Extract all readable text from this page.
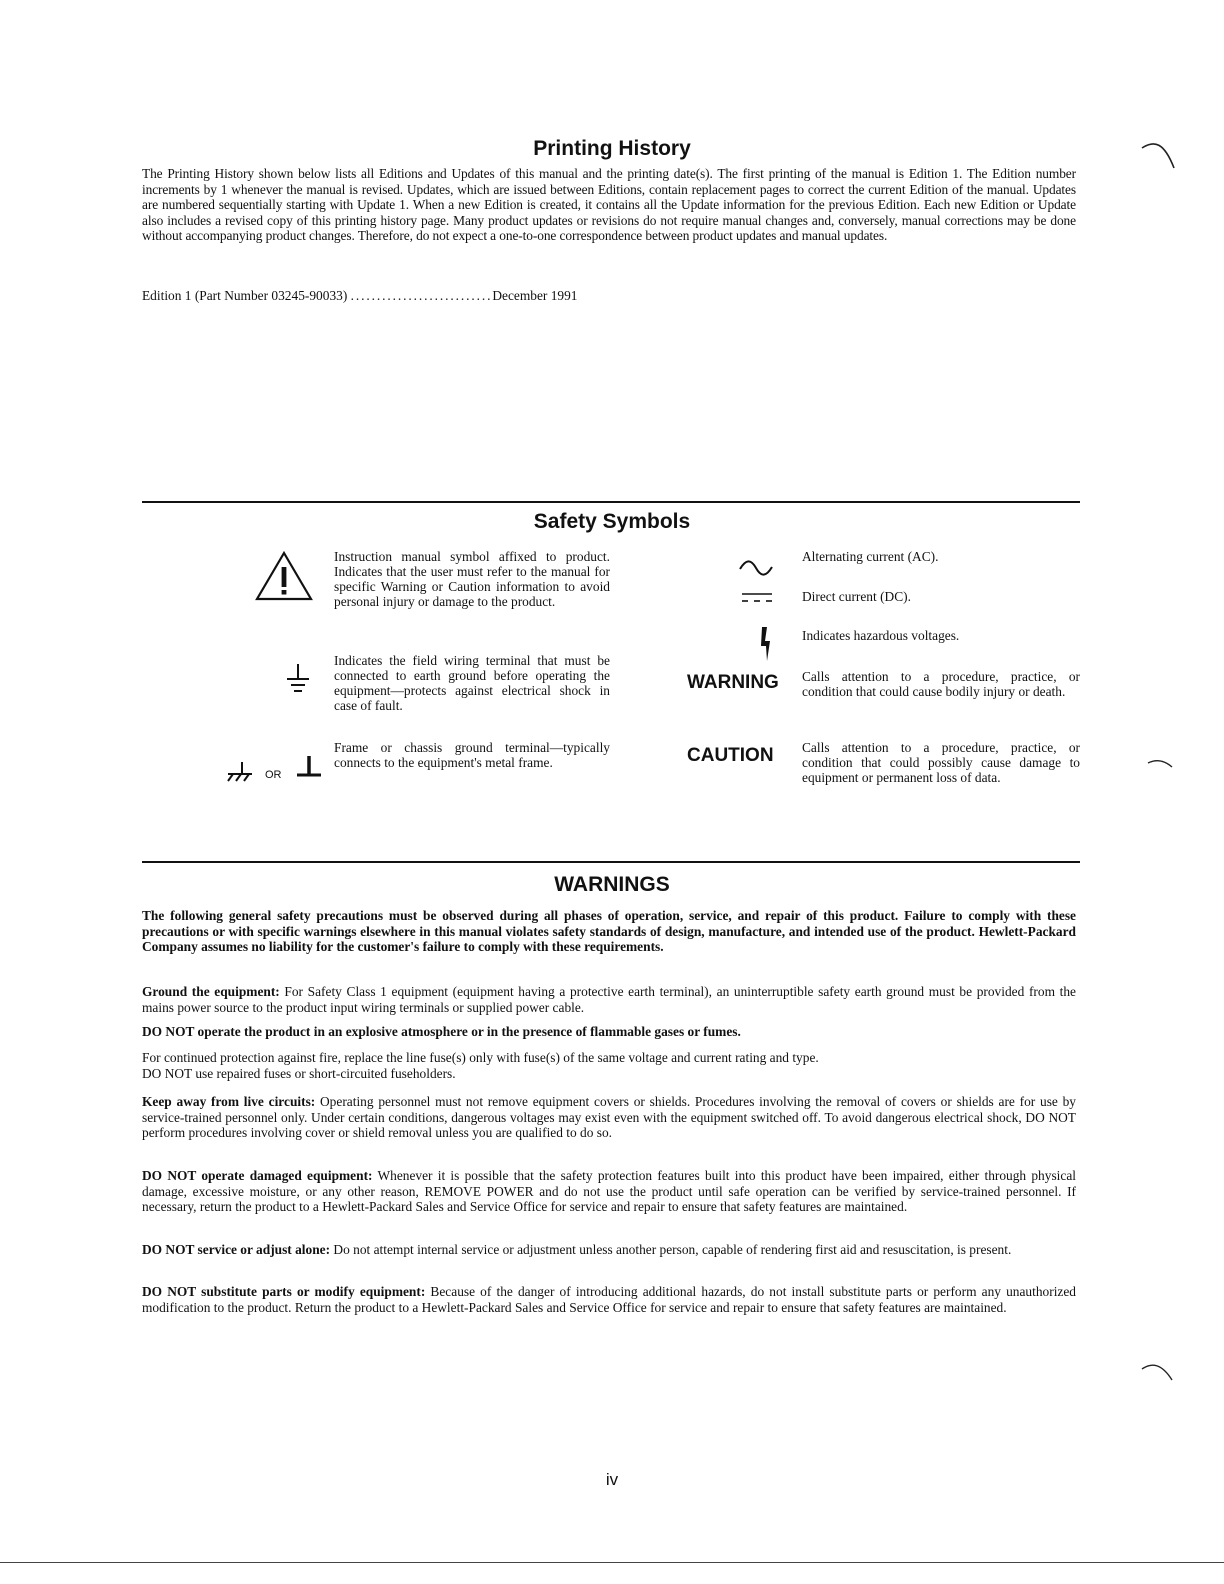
Printing History

The Printing History shown below lists all Editions and Updates of this manual and the printing date(s). The first printing of the manual is Edition 1. The Edition number increments by 1 whenever the manual is revised. Updates, which are issued between Editions, contain replacement pages to correct the current Edition of the manual. Updates are numbered sequentially starting with Update 1. When a new Edition is created, it contains all the Update information for the previous Edition. Each new Edition or Update also includes a revised copy of this printing history page. Many product updates or revisions do not require manual changes and, conversely, manual corrections may be done without accompanying product changes. Therefore, do not expect a one-to-one correspondence between product updates and manual updates.

Edition 1 (Part Number 03245-90033) ...........................December 1991
Safety Symbols

Instruction manual symbol affixed to product. Indicates that the user must refer to the manual for specific Warning or Caution information to avoid personal injury or damage to the product.

Indicates the field wiring terminal that must be connected to earth ground before operating the equipment—protects against electrical shock in case of fault.

OR

Frame or chassis ground terminal—typically connects to the equipment's metal frame.

Alternating current (AC).
Direct current (DC).
Indicates hazardous voltages.
WARNING Calls attention to a procedure, practice, or condition that could cause bodily injury or death.

CAUTION Calls attention to a procedure, practice, or condition that could possibly cause damage to equipment or permanent loss of data.

WARNINGS

The following general safety precautions must be observed during all phases of operation, service, and repair of this product. Failure to comply with these precautions or with specific warnings elsewhere in this manual violates safety standards of design, manufacture, and intended use of the product. Hewlett-Packard Company assumes no liability for the customer's failure to comply with these requirements.

Ground the equipment: For Safety Class 1 equipment (equipment having a protective earth terminal), an uninterruptible safety earth ground must be provided from the mains power source to the product input wiring terminals or supplied power cable.

DO NOT operate the product in an explosive atmosphere or in the presence of flammable gases or fumes.

For continued protection against fire, replace the line fuse(s) only with fuse(s) of the same voltage and current rating and type.
DO NOT use repaired fuses or short-circuited fuseholders.

Keep away from live circuits: Operating personnel must not remove equipment covers or shields. Procedures involving the removal of covers or shields are for use by service-trained personnel only. Under certain conditions, dangerous voltages may exist even with the equipment switched off. To avoid dangerous electrical shock, DO NOT perform procedures involving cover or shield removal unless you are qualified to do so.

DO NOT operate damaged equipment: Whenever it is possible that the safety protection features built into this product have been impaired, either through physical damage, excessive moisture, or any other reason, REMOVE POWER and do not use the product until safe operation can be verified by service-trained personnel. If necessary, return the product to a Hewlett-Packard Sales and Service Office for service and repair to ensure that safety features are maintained.

DO NOT service or adjust alone: Do not attempt internal service or adjustment unless another person, capable of rendering first aid and resuscitation, is present.

DO NOT substitute parts or modify equipment: Because of the danger of introducing additional hazards, do not install substitute parts or perform any unauthorized modification to the product. Return the product to a Hewlett-Packard Sales and Service Office for service and repair to ensure that safety features are maintained.

iv
